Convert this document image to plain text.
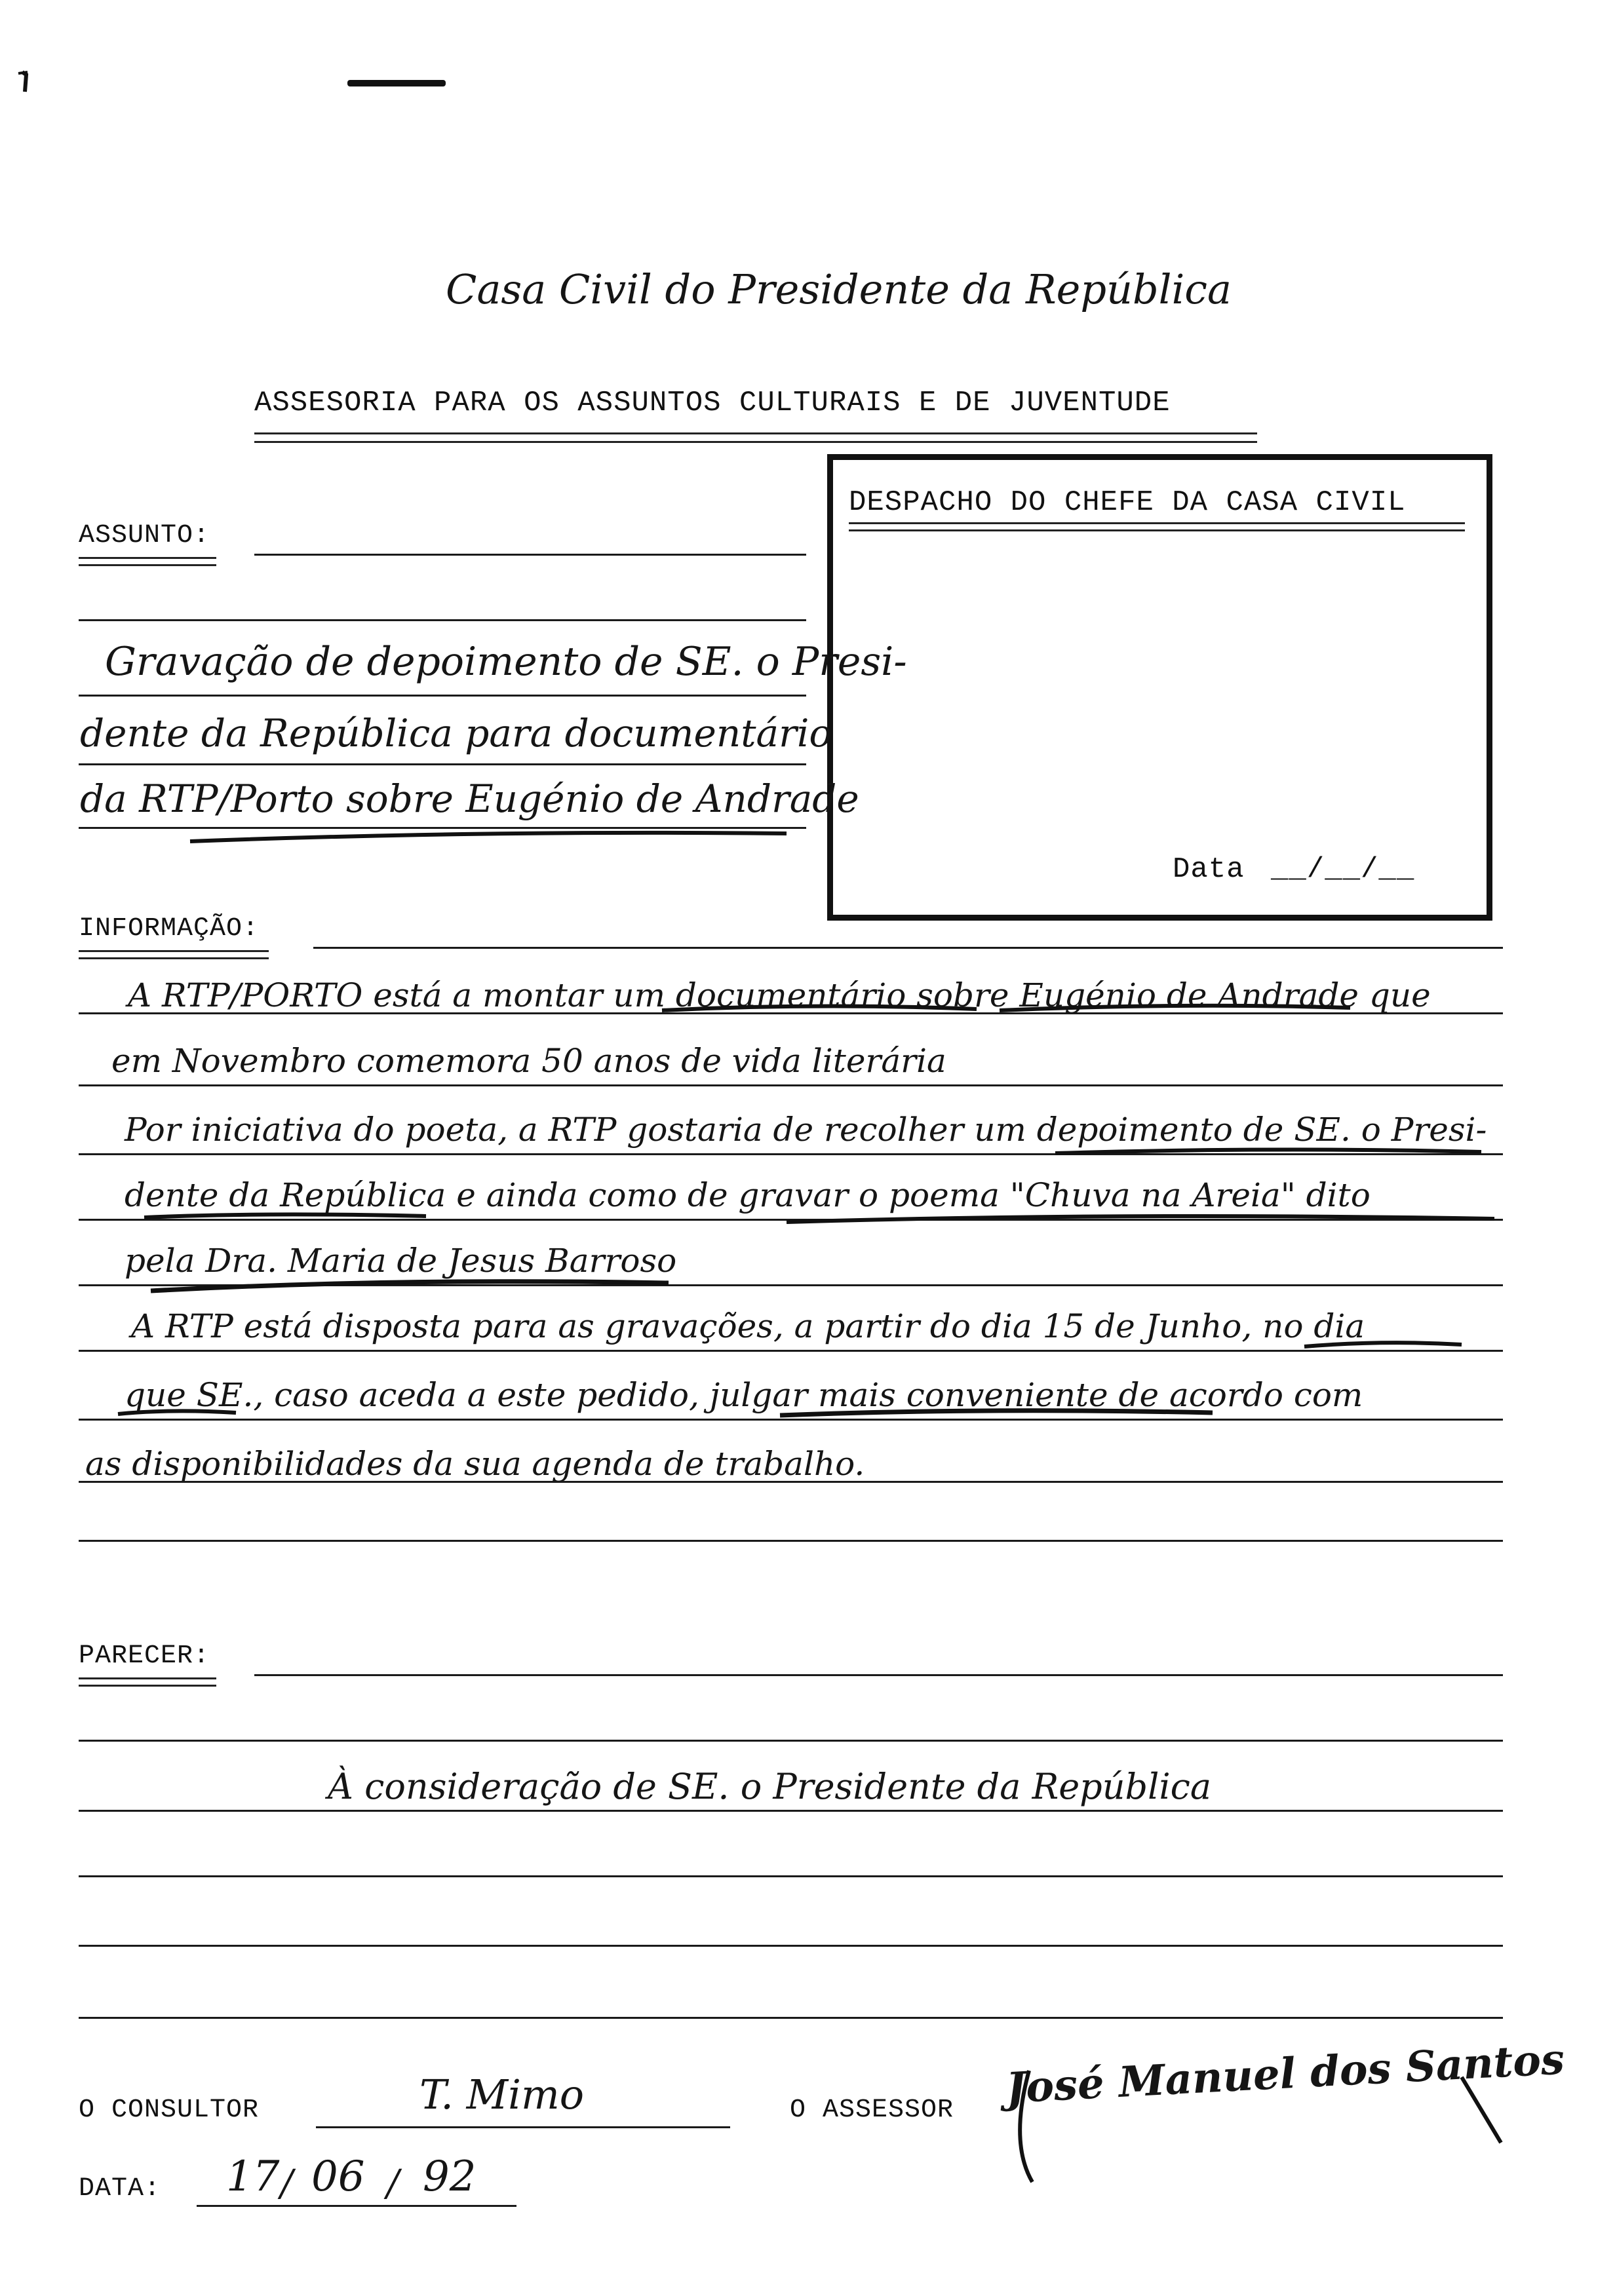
Casa Civil do Presidente da República
ASSESORIA PARA OS ASSUNTOS CULTURAIS E DE JUVENTUDE
DESPACHO DO CHEFE DA CASA CIVIL
Data __/__/__
ASSUNTO:
Gravação de depoimento de SE. o Presi-
dente da República para documentário
da RTP/Porto sobre Eugénio de Andrade
INFORMAÇÃO:
A RTP/PORTO está a montar um documentário sobre Eugénio de Andrade que
em Novembro comemora 50 anos de vida literária
Por iniciativa do poeta, a RTP gostaria de recolher um depoimento de SE. o Presi-
dente da República e ainda como de gravar o poema "Chuva na Areia" dito
pela Dra. Maria de Jesus Barroso
A RTP está disposta para as gravações, a partir do dia 15 de Junho, no dia
que SE., caso aceda a este pedido, julgar mais conveniente de acordo com
as disponibilidades da sua agenda de trabalho.
PARECER:
À consideração de SE. o Presidente da República
O CONSULTOR	T. Mimo	O ASSESSOR José Manuel dos Santos
DATA: 17 / 06 / 92
